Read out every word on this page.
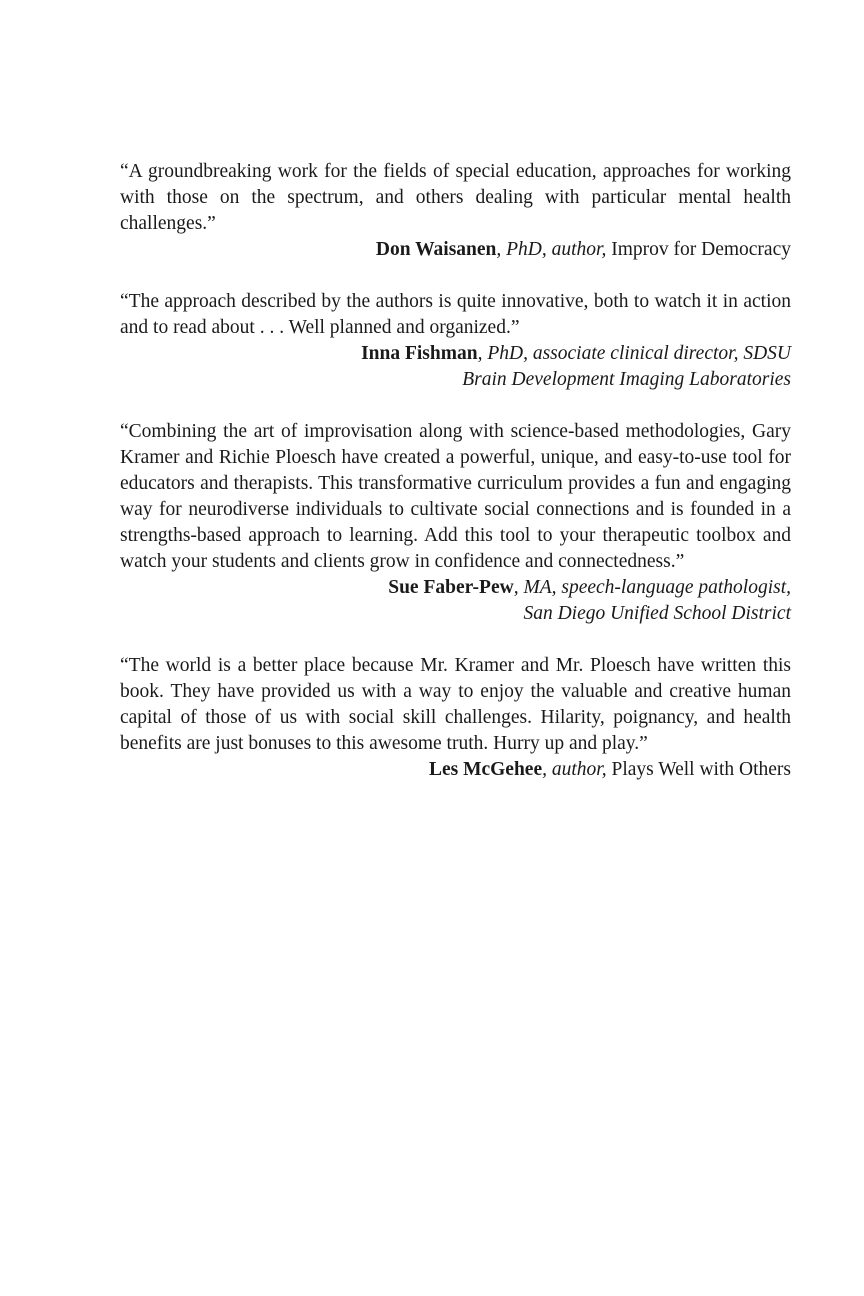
“A groundbreaking work for the fields of special education, approaches for working with those on the spectrum, and others dealing with particular mental health challenges.”

Don Waisanen, PhD, author, Improv for Democracy

“The approach described by the authors is quite innovative, both to watch it in action and to read about . . . Well planned and organized.”

Inna Fishman, PhD, associate clinical director, SDSU
Brain Development Imaging Laboratories

“Combining the art of improvisation along with science-based methodologies, Gary Kramer and Richie Ploesch have created a powerful, unique, and easy-to-use tool for educators and therapists. This transformative curriculum provides a fun and engaging way for neurodiverse individuals to cultivate social connections and is founded in a strengths-based approach to learning. Add this tool to your therapeutic toolbox and watch your students and clients grow in confidence and connectedness.”

Sue Faber-Pew, MA, speech-language pathologist,
San Diego Unified School District

“The world is a better place because Mr. Kramer and Mr. Ploesch have written this book. They have provided us with a way to enjoy the valuable and creative human capital of those of us with social skill challenges. Hilarity, poignancy, and health benefits are just bonuses to this awesome truth. Hurry up and play.”

Les McGehee, author, Plays Well with Others
